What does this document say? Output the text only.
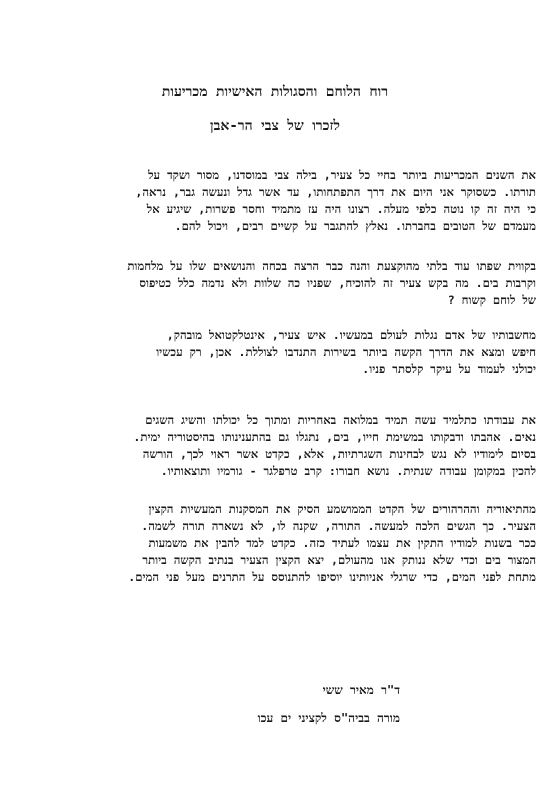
רוח הלוחם והסגולות האישיות מכריעות
לזכרו של צבי הר-אבן
את השנים המכריעות ביותר בחיי כל צעיר, בילה צבי במוסדנו, מסור ושקד על
תורתו. כשסוקר אני היום את דרך התפתחותו, עד אשר גדל ונעשה גבר, נראה,
כי היה זה קו נוטה כלפי מעלה. רצונו היה עז מתמיד וחסר פשרות, שיגיע אל
מעמדם של הטובים בחברתו. נאלץ להתגבר על קשיים רבים, ויכול להם.
בקווית שפתו עוד בלתי מהוקצעת והנה כבר הרצה בכחה והנושאים שלו על מלחמות
וקרבות בים. מה בקש צעיר זה להוכיח, שפניו כה שלוות ולא נדמה כלל כטיפוס
של לוחם קשוח ?
מחשבותיו של אדם נגלות לעולם במעשיו. איש צעיר, אינטלקטואל מובהק,
חיפש ומצא את הדרך הקשה ביותר בשירות התנדבו לצוללת. אכן, רק עכשיו
יכולני לעמוד על עיקר קלסתר פניו.
את עבודתו כתלמיד עשה תמיד במלואה באחריות ומתוך כל יכולתו והשיג השגים
נאים. אהבתו ודבקותו במשימת חייו, בים, נתגלו גם בהתענינותו בהיסטוריה ימית.
בסיום לימודיו לא נגש לבחינות השגרתיות, אלא, כקדט אשר ראוי לכך, הורשה
להכין במקומן עבודה שנתית. נושא חבורו: קרב טרפלגר - גורמיו ותוצאותיו.
מהתיאוריה וההרהורים של הקדט הממושמע הסיק את המסקנות המעשיות הקצין
הצעיר. כך הגשים הלכה למעשה. התורה, שקנה לו, לא נשארה תורה לשמה.
ככר בשנות למודיו התקין את עצמו לעתיד כזה. כקדט למד להבין את משמעות
המצור בים וכדי שלא ננותק אנו מהעולם, יצא הקצין הצעיר בנתיב הקשה ביותר
מתחת לפני המים, כדי שרגלי אניותינו יוסיפו להתנוסס על התרנים מעל פני המים.
ד"ר מאיר ששי
מורה בביה"ס לקציני ים עכו
